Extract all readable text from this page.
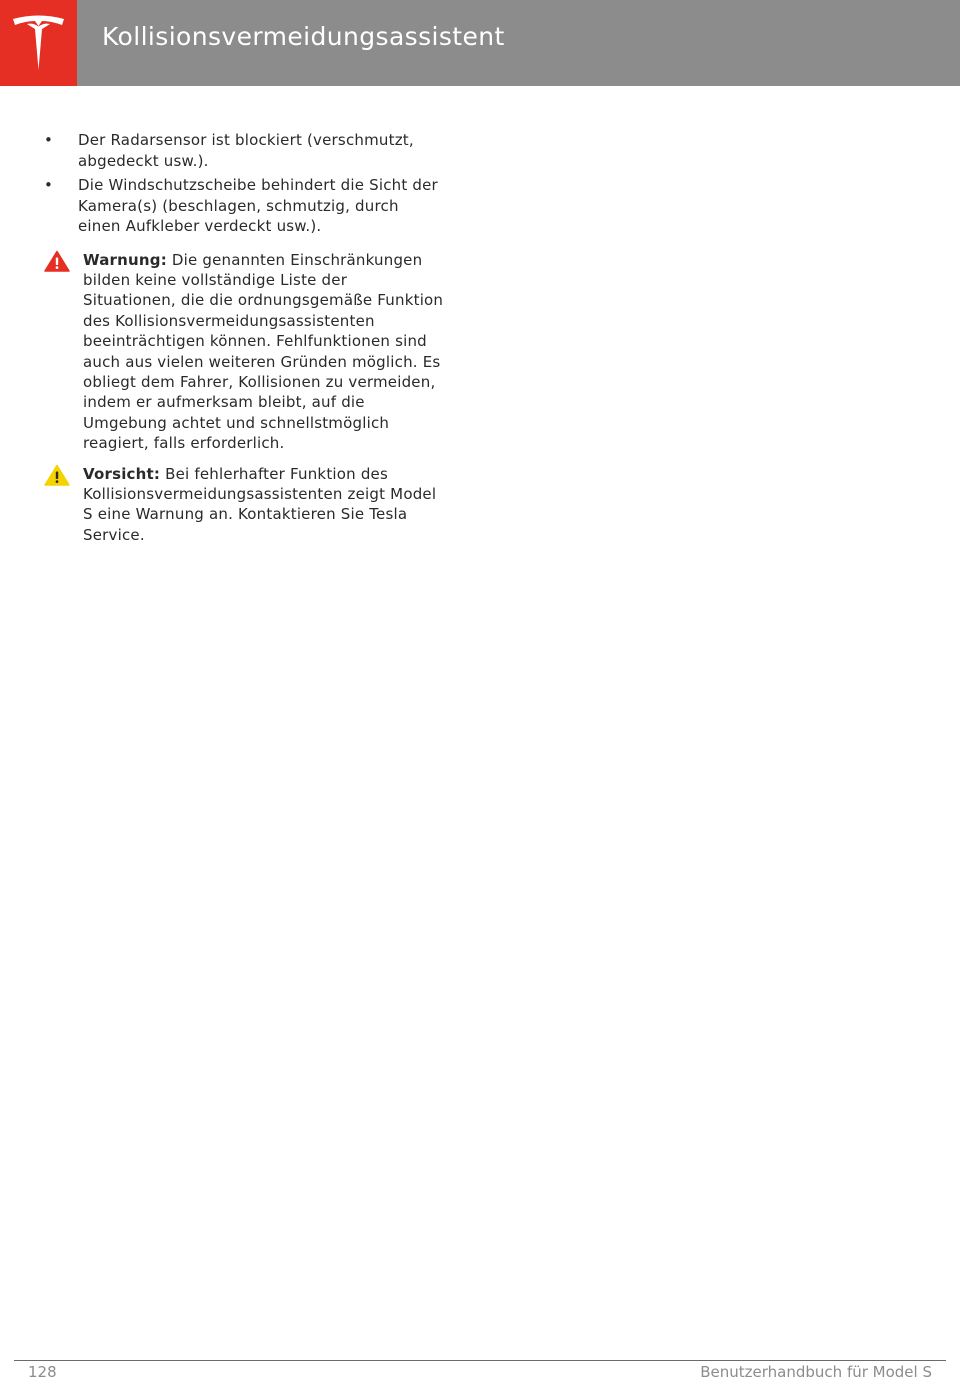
Kollisionsvermeidungsassistent
• Der Radarsensor ist blockiert (verschmutzt, abgedeckt usw.).
• Die Windschutzscheibe behindert die Sicht der Kamera(s) (beschlagen, schmutzig, durch einen Aufkleber verdeckt usw.).
Warnung: Die genannten Einschränkungen bilden keine vollständige Liste der Situationen, die die ordnungsgemäße Funktion des Kollisionsvermeidungsassistenten beeinträchtigen können. Fehlfunktionen sind auch aus vielen weiteren Gründen möglich. Es obliegt dem Fahrer, Kollisionen zu vermeiden, indem er aufmerksam bleibt, auf die Umgebung achtet und schnellstmöglich reagiert, falls erforderlich.
Vorsicht: Bei fehlerhafter Funktion des Kollisionsvermeidungsassistenten zeigt Model S eine Warnung an. Kontaktieren Sie Tesla Service.
128	Benutzerhandbuch für Model S
